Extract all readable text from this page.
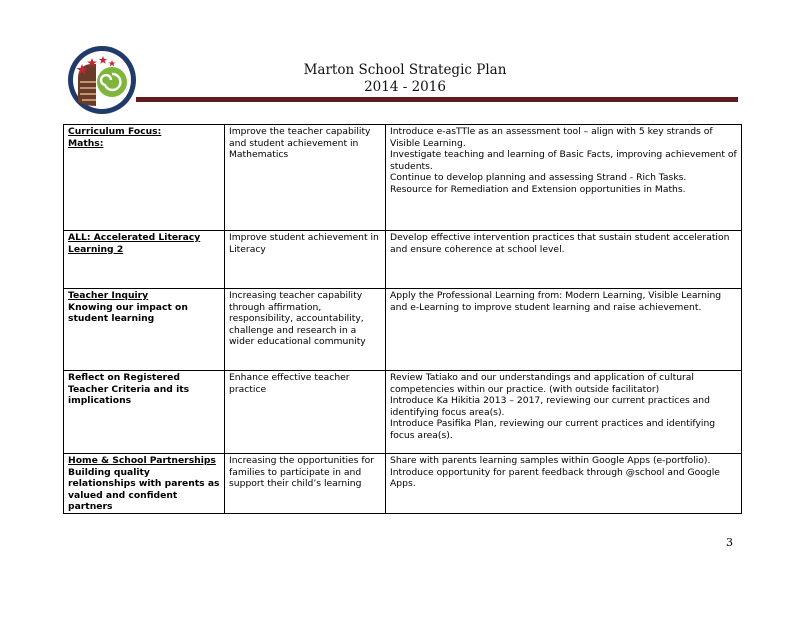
Marton School Strategic Plan
2014 - 2016
Curriculum Focus:
Maths:	Improve the teacher capability and student achievement in Mathematics	Introduce e-asTTle as an assessment tool – align with 5 key strands of Visible Learning.
Investigate teaching and learning of Basic Facts, improving achievement of students.
Continue to develop planning and assessing Strand - Rich Tasks.
Resource for Remediation and Extension opportunities in Maths.

ALL: Accelerated Literacy Learning 2	Improve student achievement in Literacy	Develop effective intervention practices that sustain student acceleration and ensure coherence at school level.

Teacher Inquiry
Knowing our impact on student learning	Increasing teacher capability through affirmation, responsibility, accountability, challenge and research in a wider educational community	Apply the Professional Learning from: Modern Learning, Visible Learning and e-Learning to improve student learning and raise achievement.

Reflect on Registered Teacher Criteria and its implications	Enhance effective teacher practice	Review Tatiako and our understandings and application of cultural competencies within our practice. (with outside facilitator)
Introduce Ka Hikitia 2013 – 2017, reviewing our current practices and identifying focus area(s).
Introduce Pasifika Plan, reviewing our current practices and identifying focus area(s).

Home & School Partnerships
Building quality relationships with parents as valued and confident partners	Increasing the opportunities for families to participate in and support their child’s learning	Share with parents learning samples within Google Apps (e-portfolio).
Introduce opportunity for parent feedback through @school and Google Apps.
3
